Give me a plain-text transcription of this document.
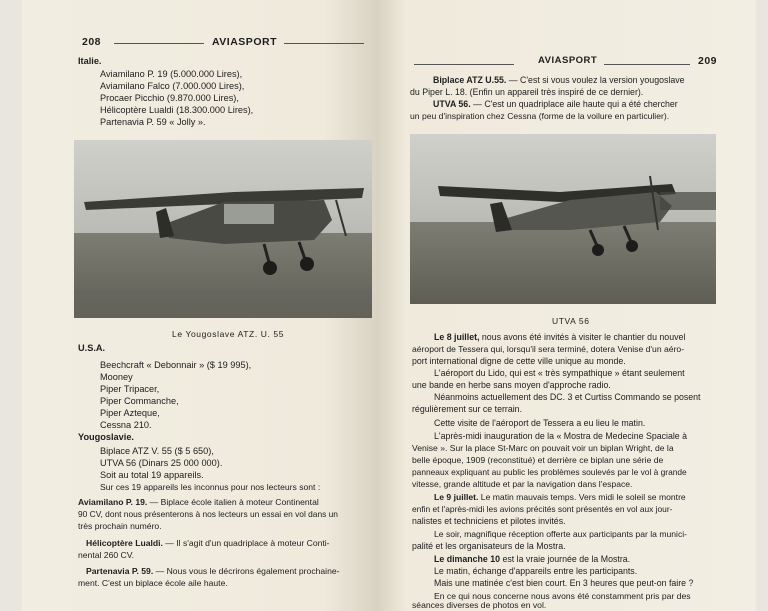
208	AVIASPORT
Italie.
Aviamilano P. 19 (5.000.000 Lires),
Aviamilano Falco (7.000.000 Lires),
Procaer Picchio (9.870.000 Lires),
Hélicoptère Lualdi (18.300.000 Lires),
Partenavia P. 59 « Jolly ».
Le Yougoslave ATZ. U. 55
U.S.A.
Beechcraft « Debonnair » ($ 19 995),
Mooney
Piper Tripacer,
Piper Commanche,
Piper Azteque,
Cessna 210.
Yougoslavie.
Biplace ATZ V. 55 ($ 5 650),
UTVA 56 (Dinars 25 000 000).
Soit au total 19 appareils.
Sur ces 19 appareils les inconnus pour nos lecteurs sont :
Aviamilano P. 19. — Biplace école italien à moteur Continental
90 CV, dont nous présenterons à nos lecteurs un essai en vol dans un
très prochain numéro.
Hélicoptère Lualdi. — Il s'agit d'un quadriplace à moteur Conti-
nental 260 CV.
Partenavia P. 59. — Nous vous le décrirons également prochaine-
ment. C'est un biplace école aile haute.
AVIASPORT	209
Biplace ATZ U.55. — C'est si vous voulez la version yougoslave
du Piper L. 18. (Enfin un appareil très inspiré de ce dernier).
UTVA 56. — C'est un quadriplace aile haute qui a été chercher
un peu d'inspiration chez Cessna (forme de la voilure en particulier).
UTVA 56
Le 8 juillet, nous avons été invités à visiter le chantier du nouvel
aéroport de Tessera qui, lorsqu'il sera terminé, dotera Venise d'un aéro-
port international digne de cette ville unique au monde.
L'aéroport du Lido, qui est « très sympathique » étant seulement
une bande en herbe sans moyen d'approche radio.
Néanmoins actuellement des DC. 3 et Curtiss Commando se posent
régulièrement sur ce terrain.
Cette visite de l'aéroport de Tessera a eu lieu le matin.
L'après-midi inauguration de la « Mostra de Medecine Spaciale à
Venise ». Sur la place St-Marc on pouvait voir un biplan Wright, de la
belle époque, 1909 (reconstitué) et derrière ce biplan une série de
panneaux expliquant au public les problèmes soulevés par le vol à grande
vitesse, grande altitude et par la navigation dans l'espace.
Le 9 juillet. Le matin mauvais temps. Vers midi le soleil se montre
enfin et l'après-midi les avions précités sont présentés en vol aux jour-
nalistes et techniciens et pilotes invités.
Le soir, magnifique réception offerte aux participants par la munici-
palité et les organisateurs de la Mostra.
Le dimanche 10 est la vraie journée de la Mostra.
Le matin, échange d'appareils entre les participants.
Mais une matinée c'est bien court. En 3 heures que peut-on faire ?
En ce qui nous concerne nous avons été constamment pris par des
séances diverses de photos en vol.
